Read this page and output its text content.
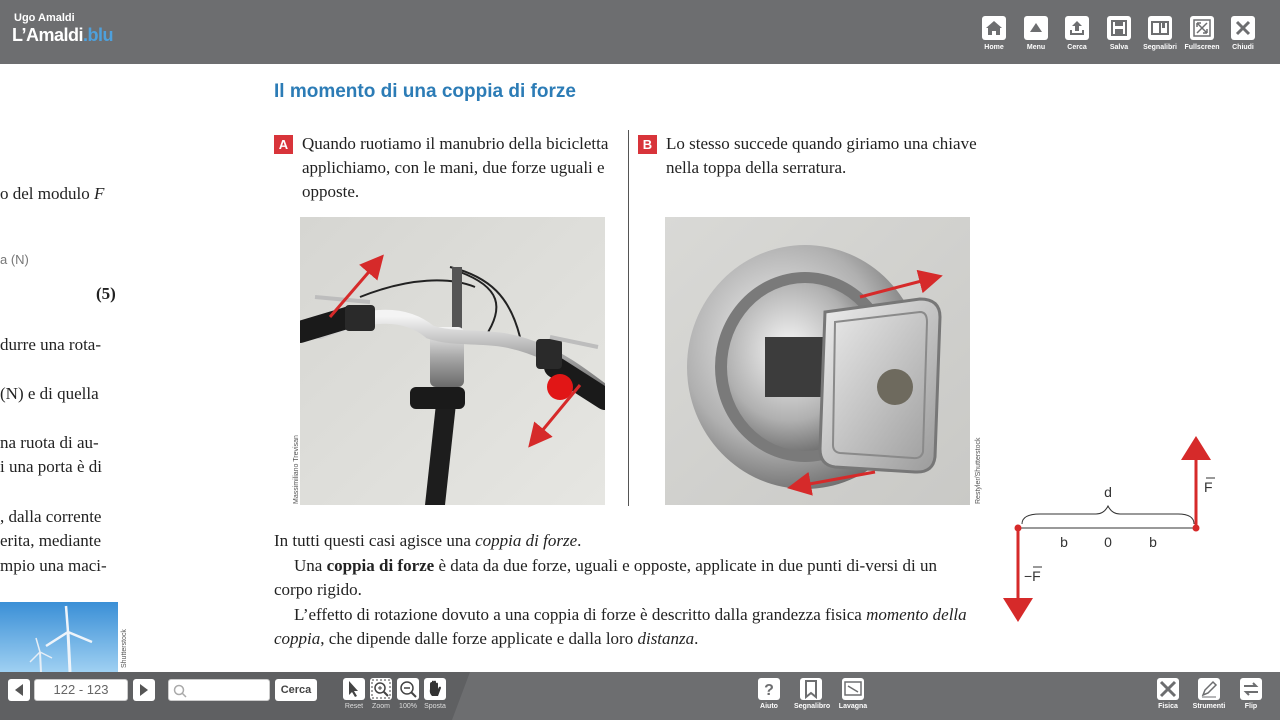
Ugo Amaldi
L’Amaldi.blu
Home	Menu	Cerca	Salva	Segnalibri	Fullscreen	Chiudi

o del modulo F

a (N)

(5)

durre una rota-

(N) e di quella

na ruota di au-

i una porta è di

, dalla corrente

erita, mediante

mpio una maci-

Shutterstock
Il momento di una coppia di forze
A Quando ruotiamo il manubrio della bicicletta applichiamo, con le mani, due forze uguali e opposte.
B Lo stesso succede quando giriamo una chiave nella toppa della serratura.
Massimiliano Trevisan	Restyler/Shutterstock

In tutti questi casi agisce una coppia di forze.

Una coppia di forze è data da due forze, uguali e opposte, applicate in due punti di-versi di un corpo rigido.

L’effetto di rotazione dovuto a una coppia di forze è descritto dalla grandezza fisica momento della coppia, che dipende dalle forze applicate e dalla loro distanza.

d
b	0	b
F
−F
122 - 123	Cerca
Reset	Zoom	100%	Sposta
?
Aiuto	Segnalibro Lavagna	Fisica	Strumenti	Flip
